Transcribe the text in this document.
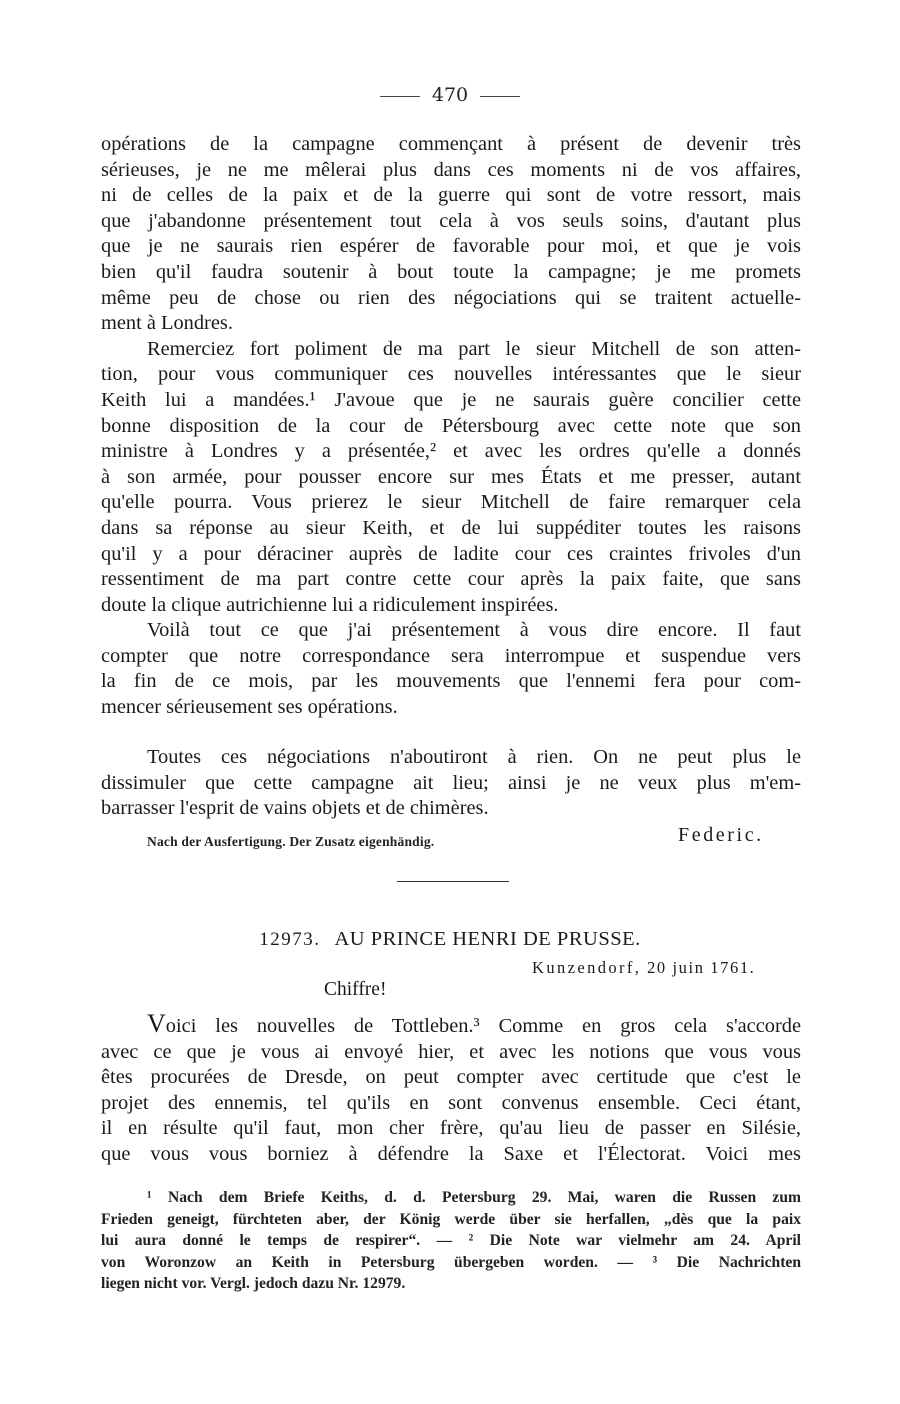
470

opérations de la campagne commençant à présent de devenir très
sérieuses, je ne me mêlerai plus dans ces moments ni de vos affaires,
ni de celles de la paix et de la guerre qui sont de votre ressort, mais
que j'abandonne présentement tout cela à vos seuls soins, d'autant plus
que je ne saurais rien espérer de favorable pour moi, et que je vois
bien qu'il faudra soutenir à bout toute la campagne; je me promets
même peu de chose ou rien des négociations qui se traitent actuelle-
ment à Londres.

Remerciez fort poliment de ma part le sieur Mitchell de son atten-
tion, pour vous communiquer ces nouvelles intéressantes que le sieur
Keith lui a mandées.¹ J'avoue que je ne saurais guère concilier cette
bonne disposition de la cour de Pétersbourg avec cette note que son
ministre à Londres y a présentée,² et avec les ordres qu'elle a donnés
à son armée, pour pousser encore sur mes États et me presser, autant
qu'elle pourra. Vous prierez le sieur Mitchell de faire remarquer cela
dans sa réponse au sieur Keith, et de lui suppéditer toutes les raisons
qu'il y a pour déraciner auprès de ladite cour ces craintes frivoles d'un
ressentiment de ma part contre cette cour après la paix faite, que sans
doute la clique autrichienne lui a ridiculement inspirées.

Voilà tout ce que j'ai présentement à vous dire encore. Il faut
compter que notre correspondance sera interrompue et suspendue vers
la fin de ce mois, par les mouvements que l'ennemi fera pour com-
mencer sérieusement ses opérations.

Toutes ces négociations n'aboutiront à rien. On ne peut plus le
dissimuler que cette campagne ait lieu; ainsi je ne veux plus m'em-
barrasser l'esprit de vains objets et de chimères.
Nach der Ausfertigung. Der Zusatz eigenhändig.	Federic.
12973. AU PRINCE HENRI DE PRUSSE.
Kunzendorf, 20 juin 1761.
Chiffre!
Voici les nouvelles de Tottleben.³ Comme en gros cela s'accorde
avec ce que je vous ai envoyé hier, et avec les notions que vous vous
êtes procurées de Dresde, on peut compter avec certitude que c'est le
projet des ennemis, tel qu'ils en sont convenus ensemble. Ceci étant,
il en résulte qu'il faut, mon cher frère, qu'au lieu de passer en Silésie,
que vous vous borniez à défendre la Saxe et l'Électorat. Voici mes
¹ Nach dem Briefe Keiths, d. d. Petersburg 29. Mai, waren die Russen zum
Frieden geneigt, fürchteten aber, der König werde über sie herfallen, „dès que la paix
lui aura donné le temps de respirer“. — ² Die Note war vielmehr am 24. April
von Woronzow an Keith in Petersburg übergeben worden. — ³ Die Nachrichten
liegen nicht vor. Vergl. jedoch dazu Nr. 12979.
